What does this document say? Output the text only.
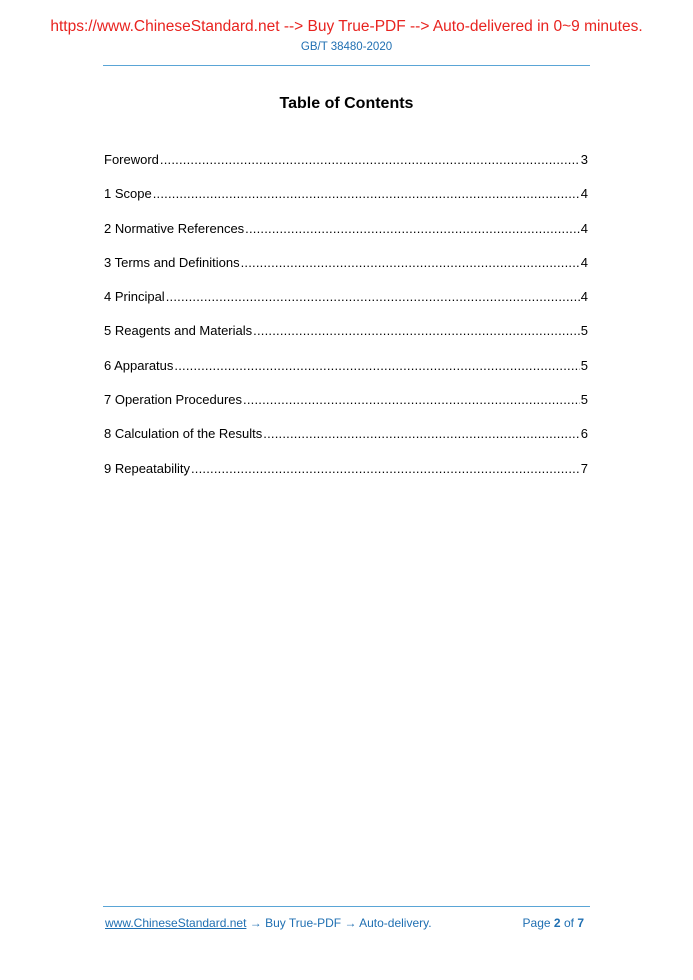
https://www.ChineseStandard.net --> Buy True-PDF --> Auto-delivered in 0~9 minutes.
GB/T 38480-2020
Table of Contents
Foreword .....	3
1 Scope .....	4
2 Normative References .....	4
3 Terms and Definitions .....	4
4 Principal .....	4
5 Reagents and Materials .....	5
6 Apparatus .....	5
7 Operation Procedures .....	5
8 Calculation of the Results .....	6
9 Repeatability .....	7
www.ChineseStandard.net → Buy True-PDF → Auto-delivery.	Page 2 of 7
